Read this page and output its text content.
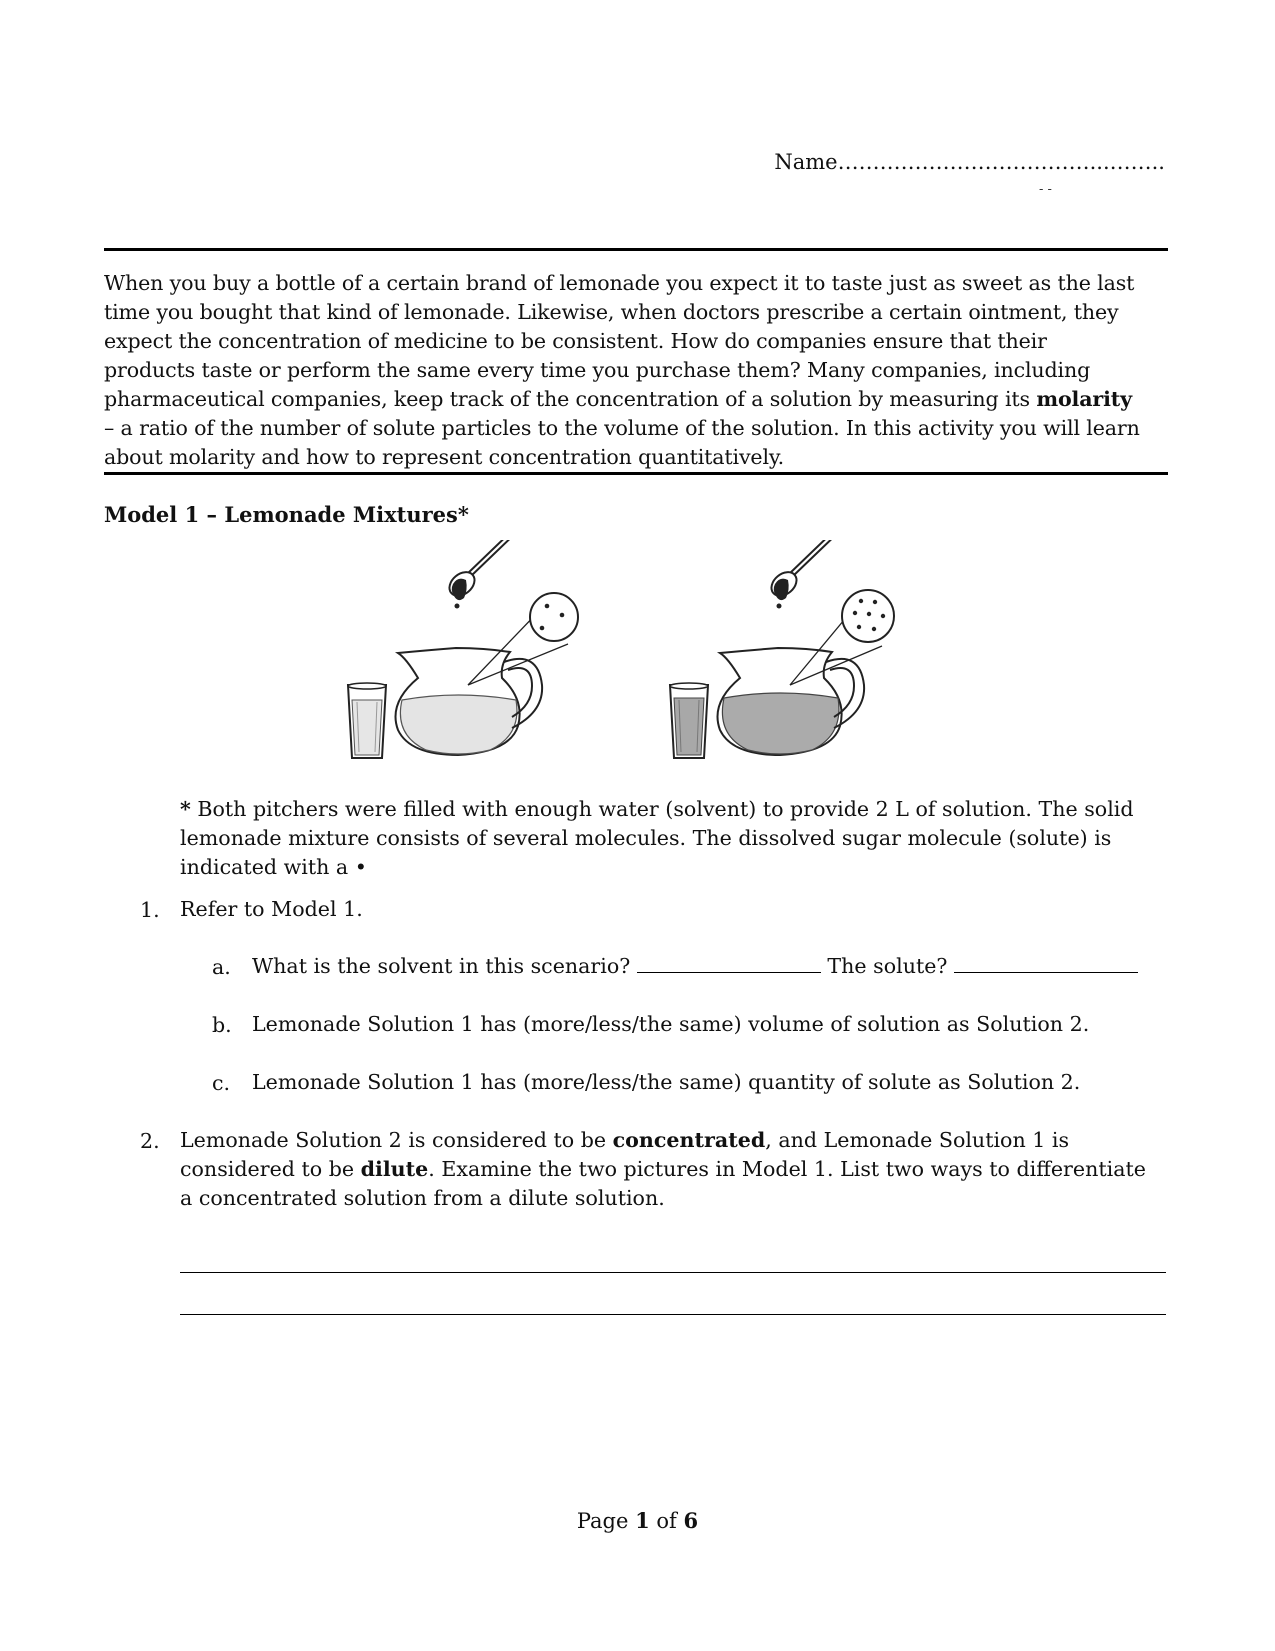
Name………………………………...……..
- -
When you buy a bottle of a certain brand of lemonade you expect it to taste just as sweet as the last
time you bought that kind of lemonade. Likewise, when doctors prescribe a certain ointment, they
expect the concentration of medicine to be consistent. How do companies ensure that their
products taste or perform the same every time you purchase them? Many companies, including
pharmaceutical companies, keep track of the concentration of a solution by measuring its molarity
– a ratio of the number of solute particles to the volume of the solution. In this activity you will learn
about molarity and how to represent concentration quantitatively.
Model 1 – Lemonade Mixtures*
* Both pitchers were filled with enough water (solvent) to provide 2 L of solution. The solid
lemonade mixture consists of several molecules. The dissolved sugar molecule (solute) is
indicated with a •
1. Refer to Model 1.
a. What is the solvent in this scenario?	The solute?
b. Lemonade Solution 1 has (more/less/the same) volume of solution as Solution 2.
c. Lemonade Solution 1 has (more/less/the same) quantity of solute as Solution 2.
2. Lemonade Solution 2 is considered to be concentrated, and Lemonade Solution 1 is
considered to be dilute. Examine the two pictures in Model 1. List two ways to differentiate
a concentrated solution from a dilute solution.
Page 1 of 6
